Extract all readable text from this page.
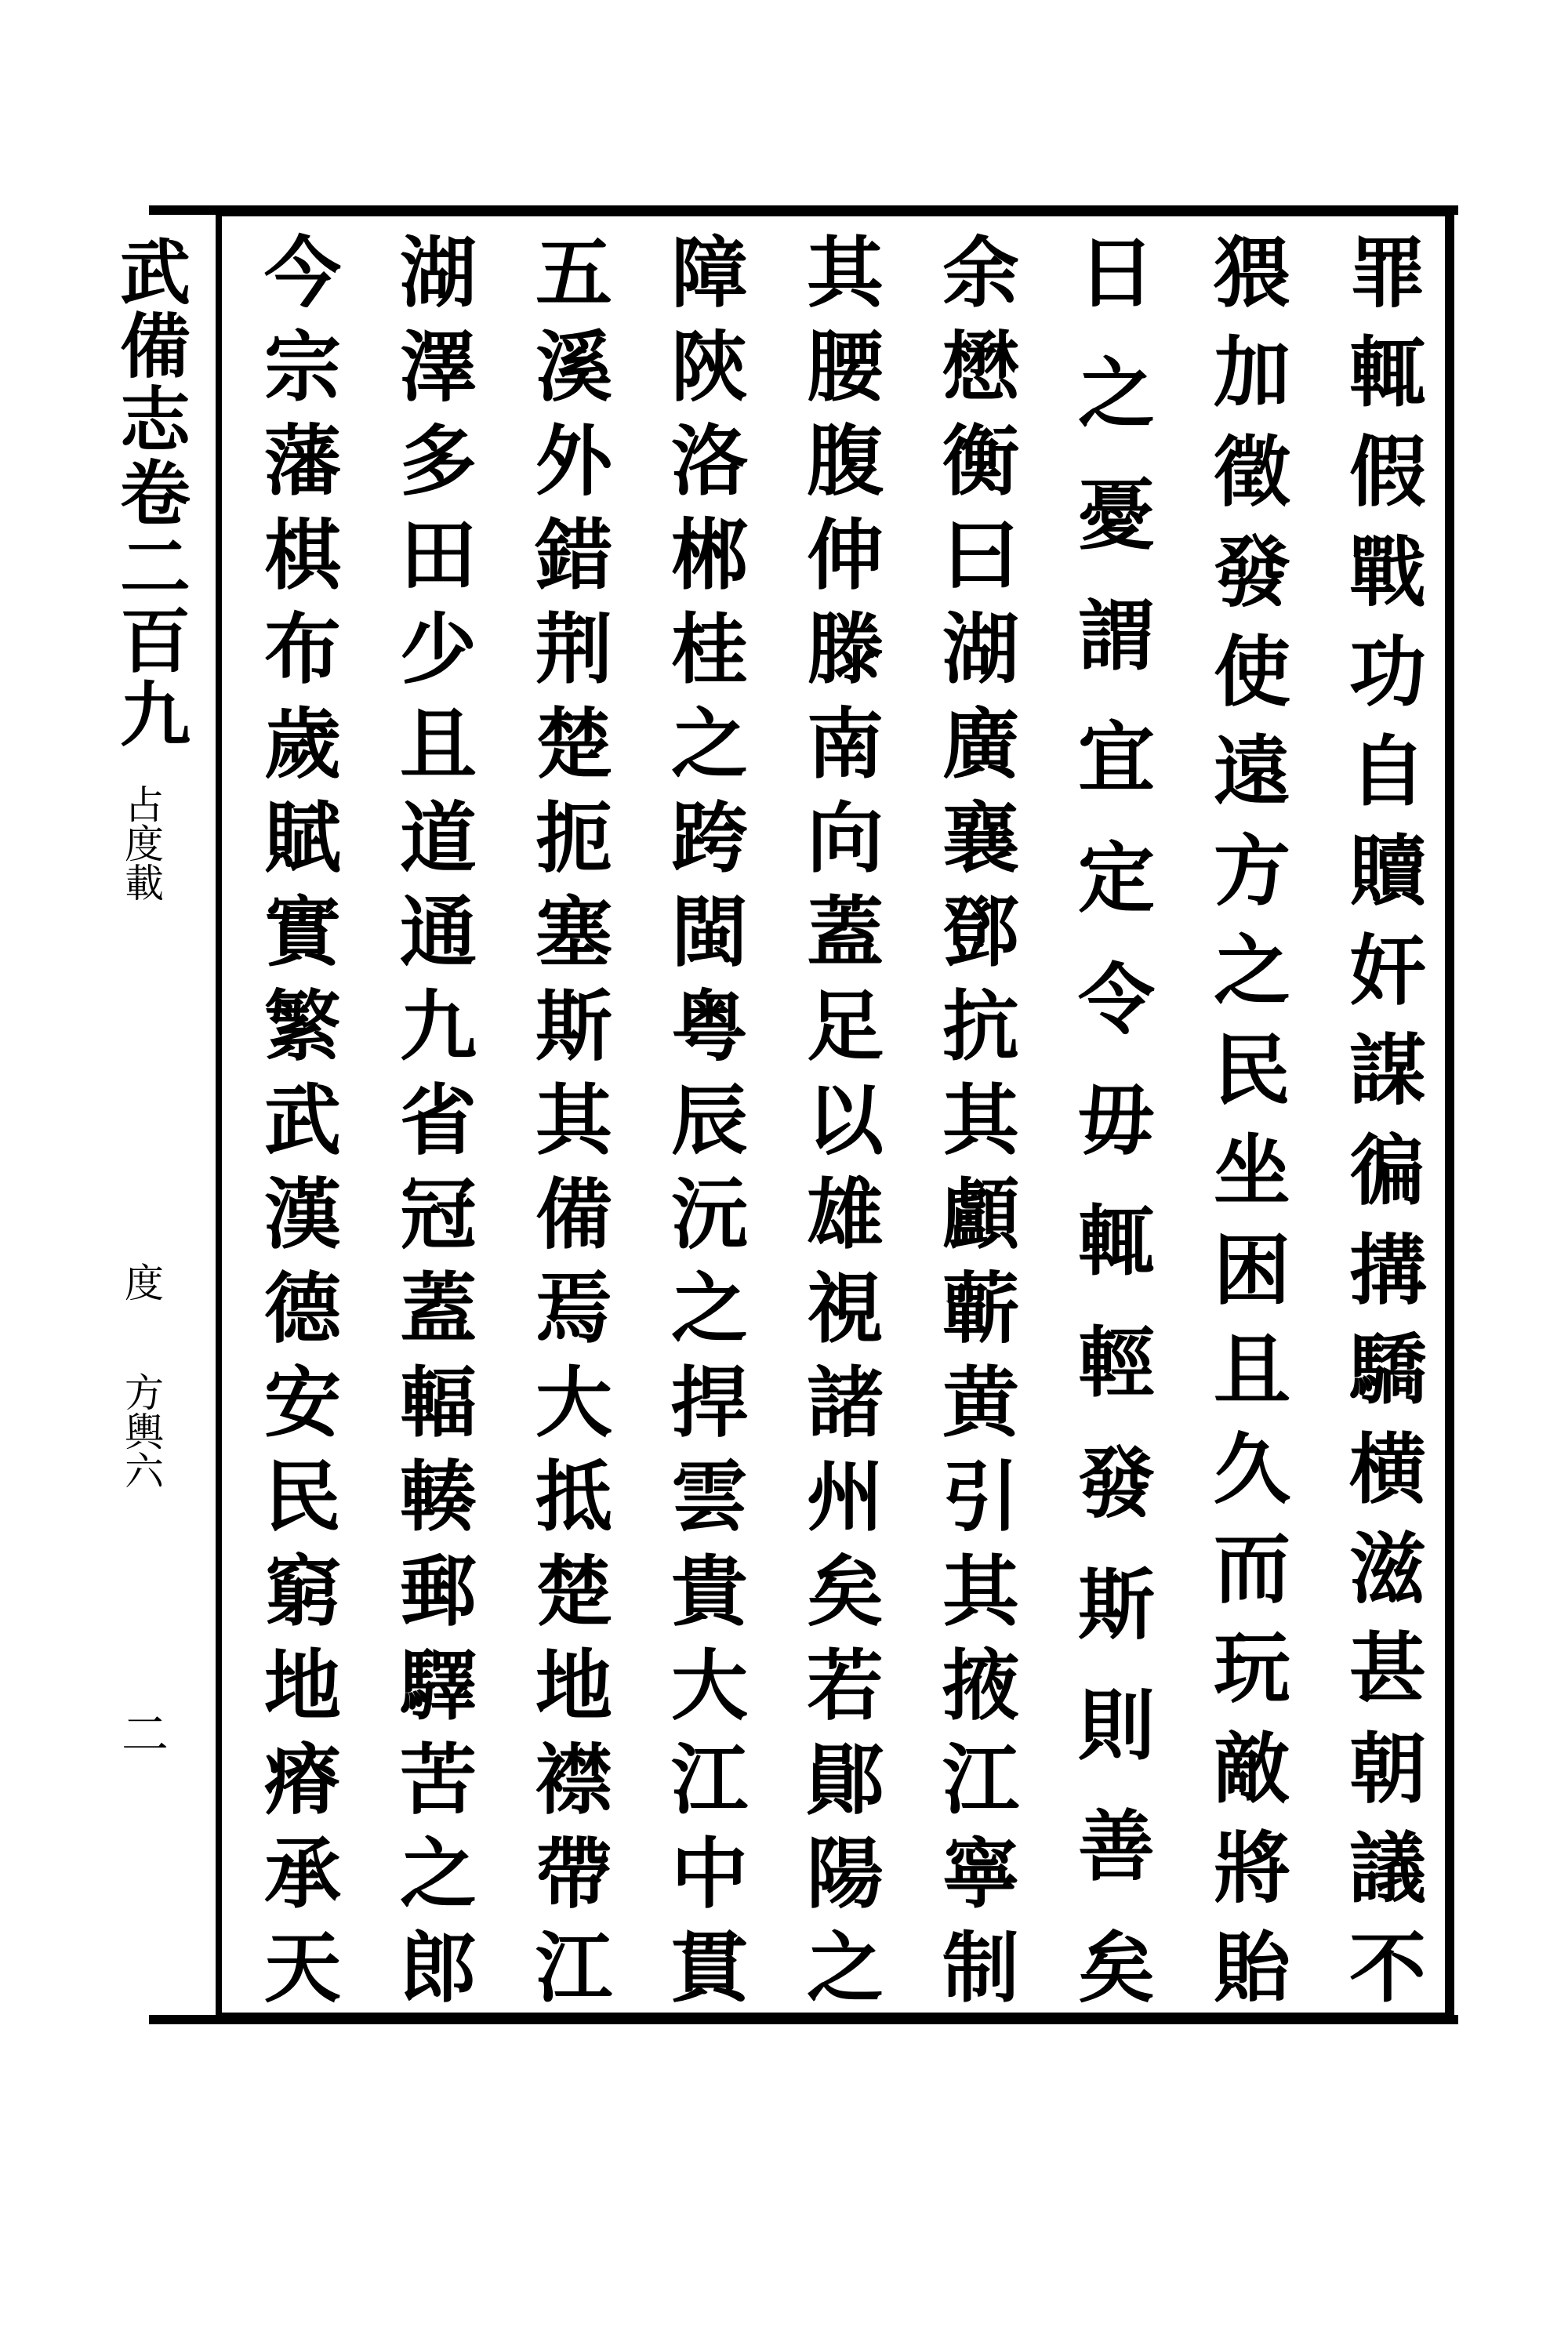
武備志卷二百九
占度載
度
方輿六
二
罪
輒
假
戰
功
自
贖
奸
謀
徧
搆
驕
横
滋
甚
朝
議
不
猥
加
徵
發
使
遠
方
之
民
坐
困
且
久
而
玩
敵
將
貽
日
之
憂
謂
宜
定
令
毋
輒
輕
發
斯
則
善
矣
余
懋
衡
曰
湖
廣
襄
鄧
抗
其
顱
蘄
黄
引
其
掖
江
寧
制
其
腰
腹
伸
滕
南
向
蓋
足
以
雄
視
諸
州
矣
若
鄖
陽
之
障
陝
洛
郴
桂
之
跨
閩
粤
辰
沅
之
捍
雲
貴
大
江
中
貫
五
溪
外
錯
荆
楚
扼
塞
斯
其
備
焉
大
抵
楚
地
襟
帶
江
湖
澤
多
田
少
且
道
通
九
省
冠
蓋
輻
輳
郵
驛
苦
之
郎
今
宗
藩
棋
布
歲
賦
實
繁
武
漢
德
安
民
窮
地
瘠
承
天
